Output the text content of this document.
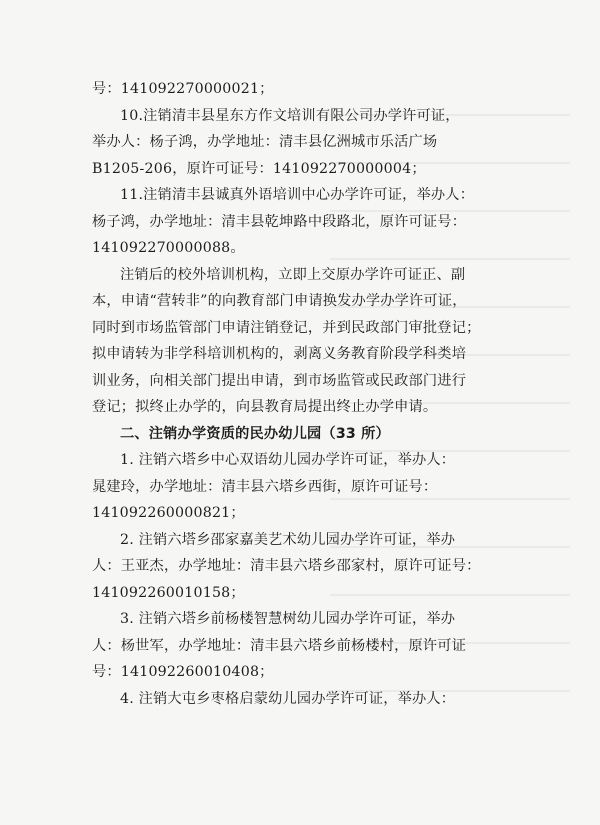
号：141092270000021；
10.注销清丰县星东方作文培训有限公司办学许可证，
举办人：杨子鸿，办学地址：清丰县亿洲城市乐活广场
B1205-206，原许可证号：141092270000004；
11.注销清丰县诚真外语培训中心办学许可证，举办人：
杨子鸿，办学地址：清丰县乾坤路中段路北，原许可证号：
141092270000088。
注销后的校外培训机构，立即上交原办学许可证正、副
本，申请“营转非”的向教育部门申请换发办学办学许可证，
同时到市场监管部门申请注销登记，并到民政部门审批登记；
拟申请转为非学科培训机构的，剥离义务教育阶段学科类培
训业务，向相关部门提出申请，到市场监管或民政部门进行
登记；拟终止办学的，向县教育局提出终止办学申请。
二、注销办学资质的民办幼儿园（33 所）
1. 注销六塔乡中心双语幼儿园办学许可证，举办人：
晁建玲，办学地址：清丰县六塔乡西街，原许可证号：
141092260000821；
2. 注销六塔乡邵家嘉美艺术幼儿园办学许可证，举办
人：王亚杰，办学地址：清丰县六塔乡邵家村，原许可证号：
141092260010158；
3. 注销六塔乡前杨楼智慧树幼儿园办学许可证，举办
人：杨世军，办学地址：清丰县六塔乡前杨楼村，原许可证
号：141092260010408；
4. 注销大屯乡枣格启蒙幼儿园办学许可证，举办人：
